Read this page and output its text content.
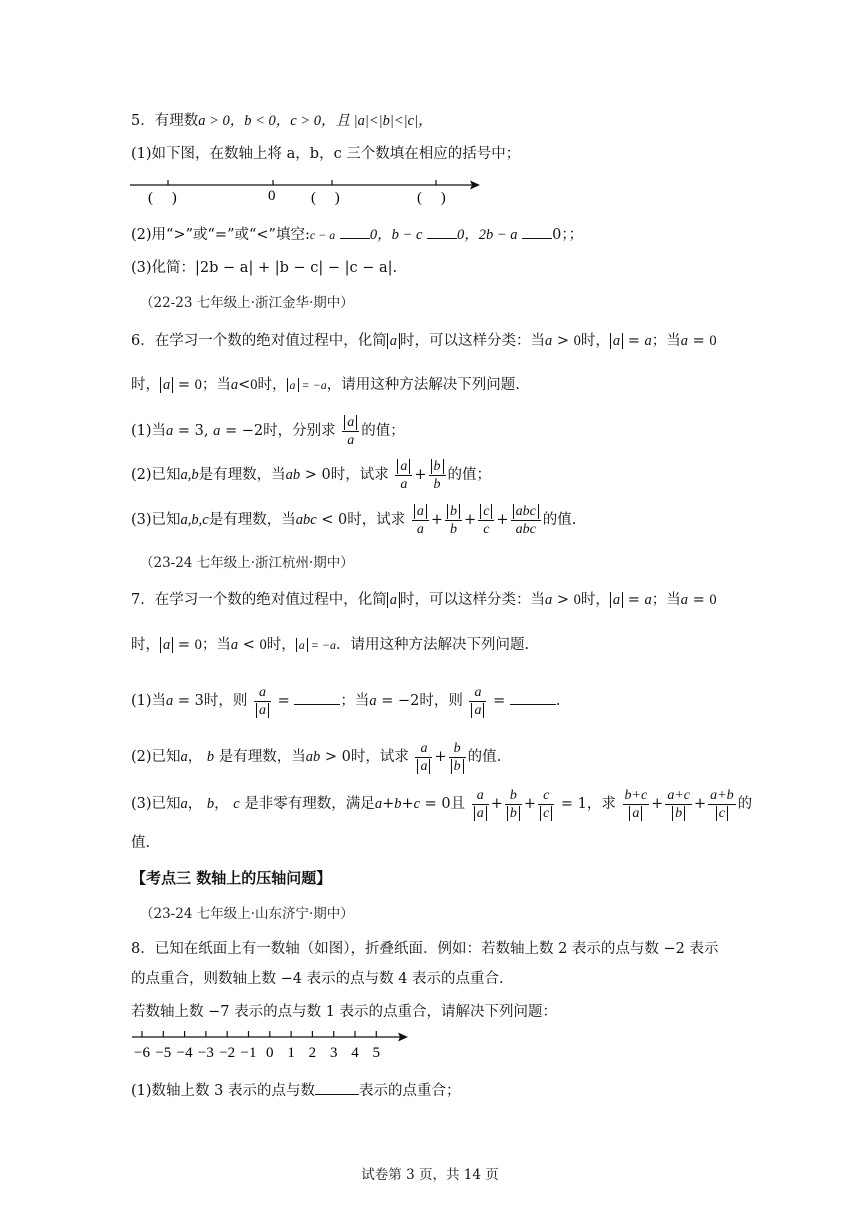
5．有理数a > 0，b < 0，c > 0，且 |a|<|b|<|c|，
(1)如下图，在数轴上将 a，b，c 三个数填在相应的括号中；
(　 )	0 (　 )	(　 )
(2)用“>”或“=”或“<”填空:c − a 0，b − c 0，2b − a 0；；
(3)化简：|2b − a| + |b − c| − |c − a|.
（22-23 七年级上·浙江金华·期中）
6．在学习一个数的绝对值过程中，化简 a 时，可以这样分类：当a > 0时， a = a；当a = 0
时， a = 0；当a<0时， a = −a，请用这种方法解决下列问题.
(1)当a = 3, a = −2时，分别求 $\frac{a}{a}$ 的值；
(2)已知a,b是有理数，当ab > 0时，试求 $\frac{a}{a} + \frac{b}{b}$ 的值；
(3)已知a,b,c是有理数，当abc < 0时，试求 $\frac{a}{a} + \frac{b}{b} + \frac{c}{c} + \frac{\text{abc}}{\text{abc}}$ 的值.
（23-24 七年级上·浙江杭州·期中）
7．在学习一个数的绝对值过程中，化简 a 时，可以这样分类：当a > 0时， a = a；当a = 0
时， a = 0；当a < 0时， a = −a．请用这种方法解决下列问题.
(1)当a = 3时，则 $\frac{a}{a}$ =	；当a = −2时，则 $\frac{a}{a}$ =	.
(2)已知a， b 是有理数，当ab > 0时，试求 $\frac{a}{a} + \frac{b}{b}$ 的值.
(3)已知a， b， c 是非零有理数，满足a+b+c = 0且 $\frac{a}{a} + \frac{b}{b} + \frac{c}{c} = 1$，求 $\frac{b+c}{a} + \frac{a+c}{b} + \frac{a+b}{c}$ 的
值.
【考点三 数轴上的压轴问题】
（23-24 七年级上·山东济宁·期中）
8．已知在纸面上有一数轴（如图），折叠纸面．例如：若数轴上数 2 表示的点与数 −2 表示
的点重合，则数轴上数 −4 表示的点与数 4 表示的点重合.
若数轴上数 −7 表示的点与数 1 表示的点重合，请解决下列问题：
−6 −5 −4 −3 −2 −1 0 1 2 3 4 5
(1)数轴上数 3 表示的点与数	表示的点重合；
试卷第 3 页，共 14 页
